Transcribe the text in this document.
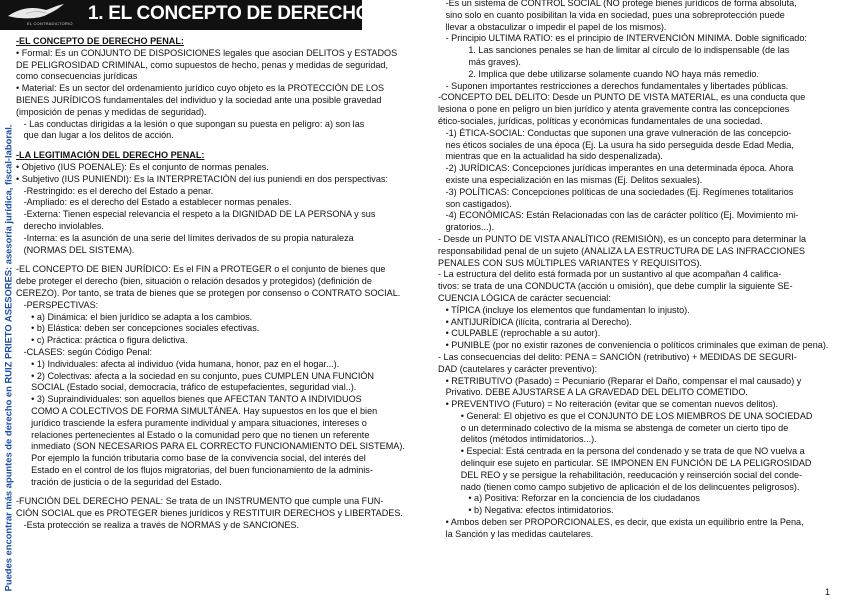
EL CONTRADICTORIO 1. EL CONCEPTO DE DERECHO PENAL
Puedes encontrar más apuntes de derecho en RUIZ PRIETO ASESORES: asesoría jurídica, fiscal-laboral.
-EL CONCEPTO DE DERECHO PENAL:
• Formal: Es un CONJUNTO DE DISPOSICIONES legales que asocian DELITOS y ESTADOS
DE PELIGROSIDAD CRIMINAL, como supuestos de hecho, penas y medidas de seguridad,
como consecuencias jurídicas
• Material: Es un sector del ordenamiento jurídico cuyo objeto es la PROTECCIÓN DE LOS
BIENES JURÍDICOS fundamentales del individuo y la sociedad ante una posible gravedad
(imposición de penas y medidas de seguridad).
- Las conductas dirigidas a la lesión o que supongan su puesta en peligro: a) son las
que dan lugar a los delitos de acción.
-LA LEGITIMACIÓN DEL DERECHO PENAL:
• Objetivo (IUS POENALE): Es el conjunto de normas penales.
• Subjetivo (IUS PUNIENDI): Es la INTERPRETACIÓN del ius puniendi en dos perspectivas:
-Restringido: es el derecho del Estado a penar.
-Ampliado: es el derecho del Estado a establecer normas penales.
-Externa: Tienen especial relevancia el respeto a la DIGNIDAD DE LA PERSONA y sus
derecho inviolables.
-Interna: es la asunción de una serie del límites derivados de su propia naturaleza
(NORMAS DEL SISTEMA).
-EL CONCEPTO DE BIEN JURÍDICO: Es el FIN a PROTEGER o el conjunto de bienes que
debe proteger el derecho (bien, situación o relación desados y protegidos) (definición de
CEREZO). Por tanto, se trata de bienes que se protegen por consenso o CONTRATO SOCIAL.
-PERSPECTIVAS:
• a) Dinámica: el bien jurídico se adapta a los cambios.
• b) Elástica: deben ser concepciones sociales efectivas.
• c) Práctica: práctica o figura delictiva.
-CLASES: según Código Penal:
• 1) Individuales: afecta al individuo (vida humana, honor, paz en el hogar...).
• 2) Colectivas: afecta a la sociedad en su conjunto, pues CUMPLEN UNA FUNCIÓN
SOCIAL (Estado social, democracia, tráfico de estupefacientes, seguridad vial..).
• 3) Supraindividuales: son aquellos bienes que AFECTAN TANTO A INDIVIDUOS
COMO A COLECTIVOS DE FORMA SIMULTÁNEA. Hay supuestos en los que el bien
jurídico trasciende la esfera puramente individual y ampara situaciones, intereses o
relaciones pertenecientes al Estado o la comunidad pero que no tienen un referente
inmediato (SON NECESARIOS PARA EL CORRECTO FUNCIONAMIENTO DEL SISTEMA).
Por ejemplo la función tributaria como base de la convivencia social, del interés del
Estado en el control de los flujos migratorias, del buen funcionamiento de la adminis-
tración de justicia o de la seguridad del Estado.
-FUNCIÓN DEL DERECHO PENAL: Se trata de un INSTRUMENTO que cumple una FUN-
CIÓN SOCIAL que es PROTEGER bienes jurídicos y RESTITUIR DERECHOS y LIBERTADES.
-Esta protección se realiza a través de NORMAS y de SANCIONES.
-Es un sistema de CONTROL SOCIAL (NO protege bienes jurídicos de forma absoluta,
sino solo en cuanto posibilitan la vida en sociedad, pues una sobreprotección puede
llevar a obstaculizar o impedir el papel de los mismos).
- Principio ULTIMA RATIO: es el principio de INTERVENCIÓN MINIMA. Doble significado:
1. Las sanciones penales se han de limitar al círculo de lo indispensable (de las
más graves).
2. Implica que debe utilizarse solamente cuando NO haya más remedio.
- Suponen importantes restricciones a derechos fundamentales y libertades públicas.
-CONCEPTO DEL DELITO: Desde un PUNTO DE VISTA MATERIAL, es una conducta que
lesiona o pone en peligro un bien jurídico y atenta gravemente contra las concepciones
ético-sociales, jurídicas, políticas y económicas fundamentales de una sociedad.
-1) ÉTICA-SOCIAL: Conductas que suponen una grave vulneración de las concepcio-
nes éticos sociales de una época (Ej. La usura ha sido perseguida desde Edad Media,
mientras que en la actualidad ha sido despenalizada).
-2) JURÍDICAS: Concepciones jurídicas imperantes en una determinada época. Ahora
existe una especialización en las mismas (Ej. Delitos sexuales).
-3) POLÍTICAS: Concepciones políticas de una sociedades (Ej. Regímenes totalitarios
son castigados).
-4) ECONÓMICAS: Están Relacionadas con las de carácter político (Ej. Movimiento mi-
gratorios...).
- Desde un PUNTO DE VISTA ANALÍTICO (REMISIÓN), es un concepto para determinar la
responsabilidad penal de un sujeto (ANALIZA LA ESTRUCTURA DE LAS INFRACCIONES
PENALES CON SUS MÚLTIPLES VARIANTES Y REQUISITOS).
- La estructura del delito está formada por un sustantivo al que acompañan 4 califica-
tivos: se trata de una CONDUCTA (acción u omisión), que debe cumplir la siguiente SE-
CUENCIA LÓGICA de carácter secuencial:
• TÍPICA (incluye los elementos que fundamentan lo injusto).
• ANTIJURÍDICA (ilícita, contraria al Derecho).
• CULPABLE (reprochable a su autor).
• PUNIBLE (por no existir razones de conveniencia o políticos criminales que eximan de pena).
- Las consecuencias del delito: PENA = SANCIÓN (retributivo) + MEDIDAS DE SEGURI-
DAD (cautelares y carácter preventivo):
• RETRIBUTIVO (Pasado) = Pecuniario (Reparar el Daño, compensar el mal causado) y
Privativo. DEBE AJUSTARSE A LA GRAVEDAD DEL DELITO COMETIDO.
• PREVENTIVO (Futuro) = No reiteración (evitar que se comentan nuevos delitos).
• General: El objetivo es que el CONJUNTO DE LOS MIEMBROS DE UNA SOCIEDAD
o un determinado colectivo de la misma se abstenga de cometer un cierto tipo de
delitos (métodos intimidatorios...).
• Especial: Está centrada en la persona del condenado y se trata de que NO vuelva a
delinquir ese sujeto en particular. SE IMPONEN EN FUNCIÓN DE LA PELIGROSIDAD
DEL REO y se persigue la rehabilitación, reeducación y reinserción social del conde-
nado (tienen como campo subjetivo de aplicación el de los delincuentes peligrosos).
• a) Positiva: Reforzar en la conciencia de los ciudadanos
• b) Negativa: efectos intimidatorios.
• Ambos deben ser PROPORCIONALES, es decir, que exista un equilibrio entre la Pena,
la Sanción y las medidas cautelares.
1
